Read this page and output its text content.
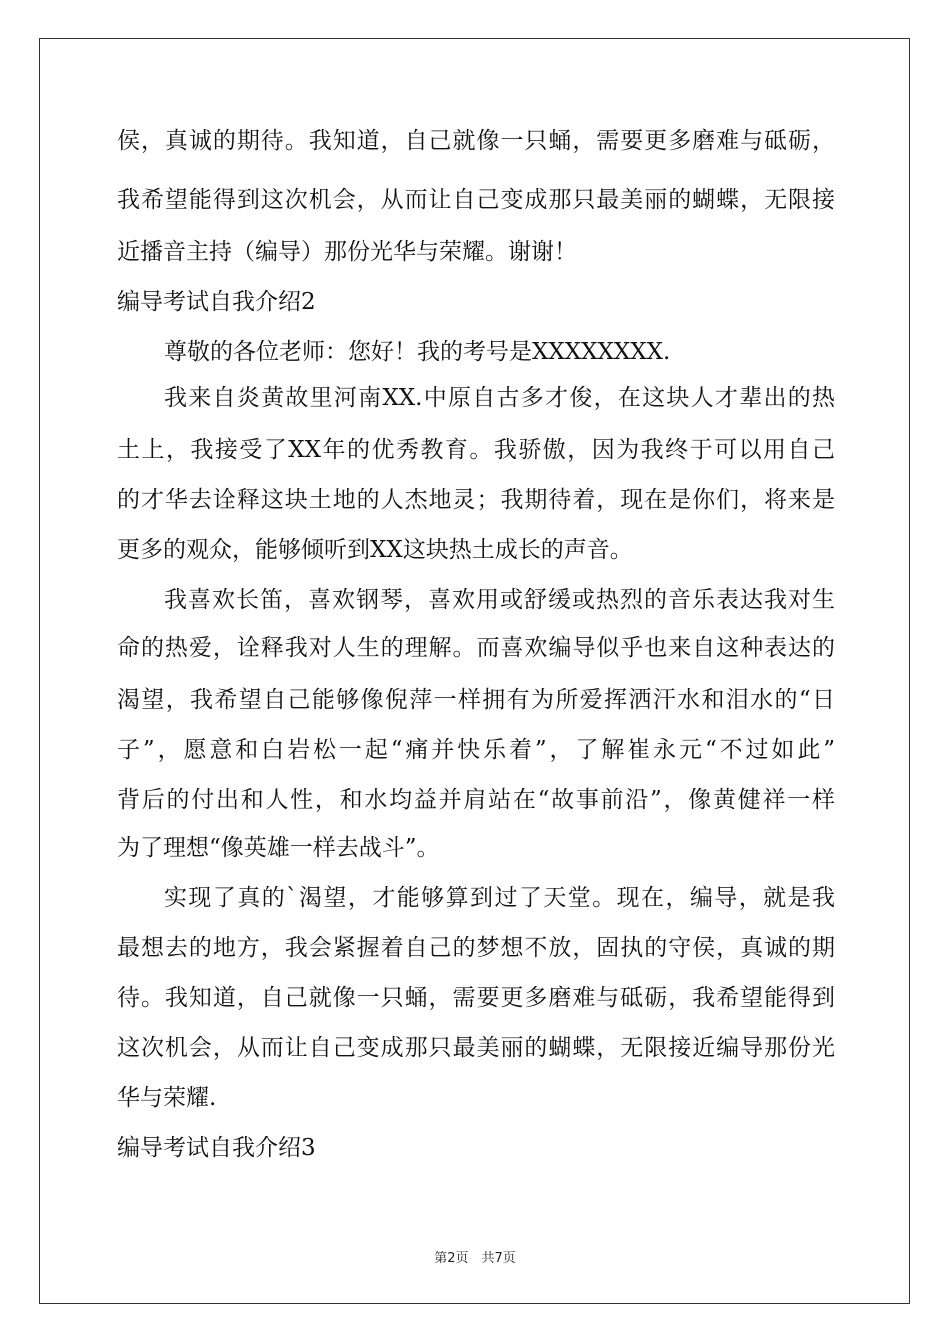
侯，真诚的期待。我知道，自己就像一只蛹，需要更多磨难与砥砺，
我希望能得到这次机会，从而让自己变成那只最美丽的蝴蝶，无限接
近播音主持（编导）那份光华与荣耀。谢谢！
编导考试自我介绍2
尊敬的各位老师：您好！我的考号是XXXXXXXX.
我来自炎黄故里河南XX.中原自古多才俊，在这块人才辈出的热
土上，我接受了XX年的优秀教育。我骄傲，因为我终于可以用自己
的才华去诠释这块土地的人杰地灵；我期待着，现在是你们，将来是
更多的观众，能够倾听到XX这块热土成长的声音。
我喜欢长笛，喜欢钢琴，喜欢用或舒缓或热烈的音乐表达我对生
命的热爱，诠释我对人生的理解。而喜欢编导似乎也来自这种表达的
渴望，我希望自己能够像倪萍一样拥有为所爱挥洒汗水和泪水的“日
子”，愿意和白岩松一起“痛并快乐着”，了解崔永元“不过如此”
背后的付出和人性，和水均益并肩站在“故事前沿”，像黄健祥一样
为了理想“像英雄一样去战斗”。
实现了真的`渴望，才能够算到过了天堂。现在，编导，就是我
最想去的地方，我会紧握着自己的梦想不放，固执的守侯，真诚的期
待。我知道，自己就像一只蛹，需要更多磨难与砥砺，我希望能得到
这次机会，从而让自己变成那只最美丽的蝴蝶，无限接近编导那份光
华与荣耀.
编导考试自我介绍3
第2页　共7页
